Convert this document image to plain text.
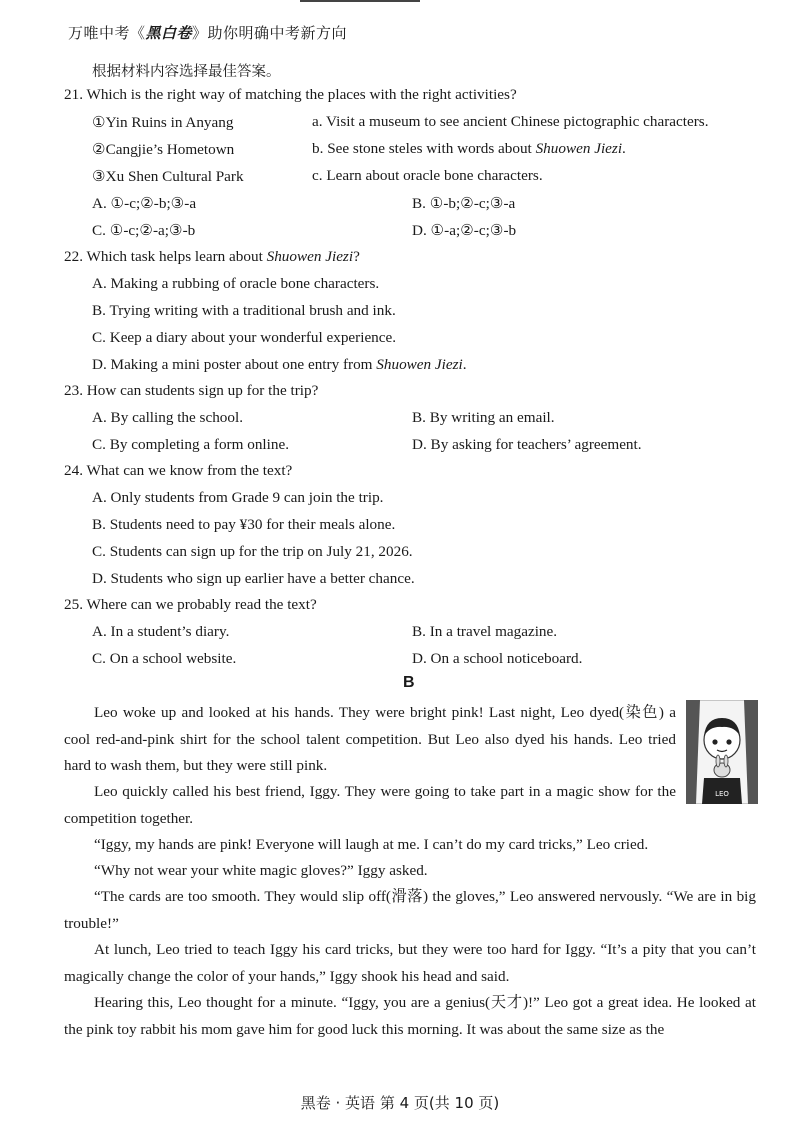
万唯中考《黑白卷》助你明确中考新方向
根据材料内容选择最佳答案。
21. Which is the right way of matching the places with the right activities?
①Yin Ruins in Anyang	a. Visit a museum to see ancient Chinese pictographic characters.
②Cangjie’s Hometown	b. See stone steles with words about Shuowen Jiezi.
③Xu Shen Cultural Park	c. Learn about oracle bone characters.
A. ①-c;②-b;③-a	B. ①-b;②-c;③-a
C. ①-c;②-a;③-b	D. ①-a;②-c;③-b
22. Which task helps learn about Shuowen Jiezi?
A. Making a rubbing of oracle bone characters.
B. Trying writing with a traditional brush and ink.
C. Keep a diary about your wonderful experience.
D. Making a mini poster about one entry from Shuowen Jiezi.
23. How can students sign up for the trip?
A. By calling the school.	B. By writing an email.
C. By completing a form online.	D. By asking for teachers’ agreement.
24. What can we know from the text?
A. Only students from Grade 9 can join the trip.
B. Students need to pay ¥30 for their meals alone.
C. Students can sign up for the trip on July 21, 2026.
D. Students who sign up earlier have a better chance.
25. Where can we probably read the text?
A. In a student’s diary.	B. In a travel magazine.
C. On a school website.	D. On a school noticeboard.
B
Leo woke up and looked at his hands. They were bright pink! Last night, Leo dyed(染色) a cool red-and-pink shirt for the school talent competition. But Leo also dyed his hands. Leo tried hard to wash them, but they were still pink.
LEO
Leo quickly called his best friend, Iggy. They were going to take part in a magic show for the competition together.
“Iggy, my hands are pink! Everyone will laugh at me. I can’t do my card tricks,” Leo cried.
“Why not wear your white magic gloves?” Iggy asked.
“The cards are too smooth. They would slip off(滑落) the gloves,” Leo answered nervously. “We are in big trouble!”
At lunch, Leo tried to teach Iggy his card tricks, but they were too hard for Iggy. “It’s a pity that you can’t magically change the color of your hands,” Iggy shook his head and said.
Hearing this, Leo thought for a minute. “Iggy, you are a genius(天才)!” Leo got a great idea. He looked at the pink toy rabbit his mom gave him for good luck this morning. It was about the same size as the
黑卷 · 英语 第 4 页(共 10 页)
